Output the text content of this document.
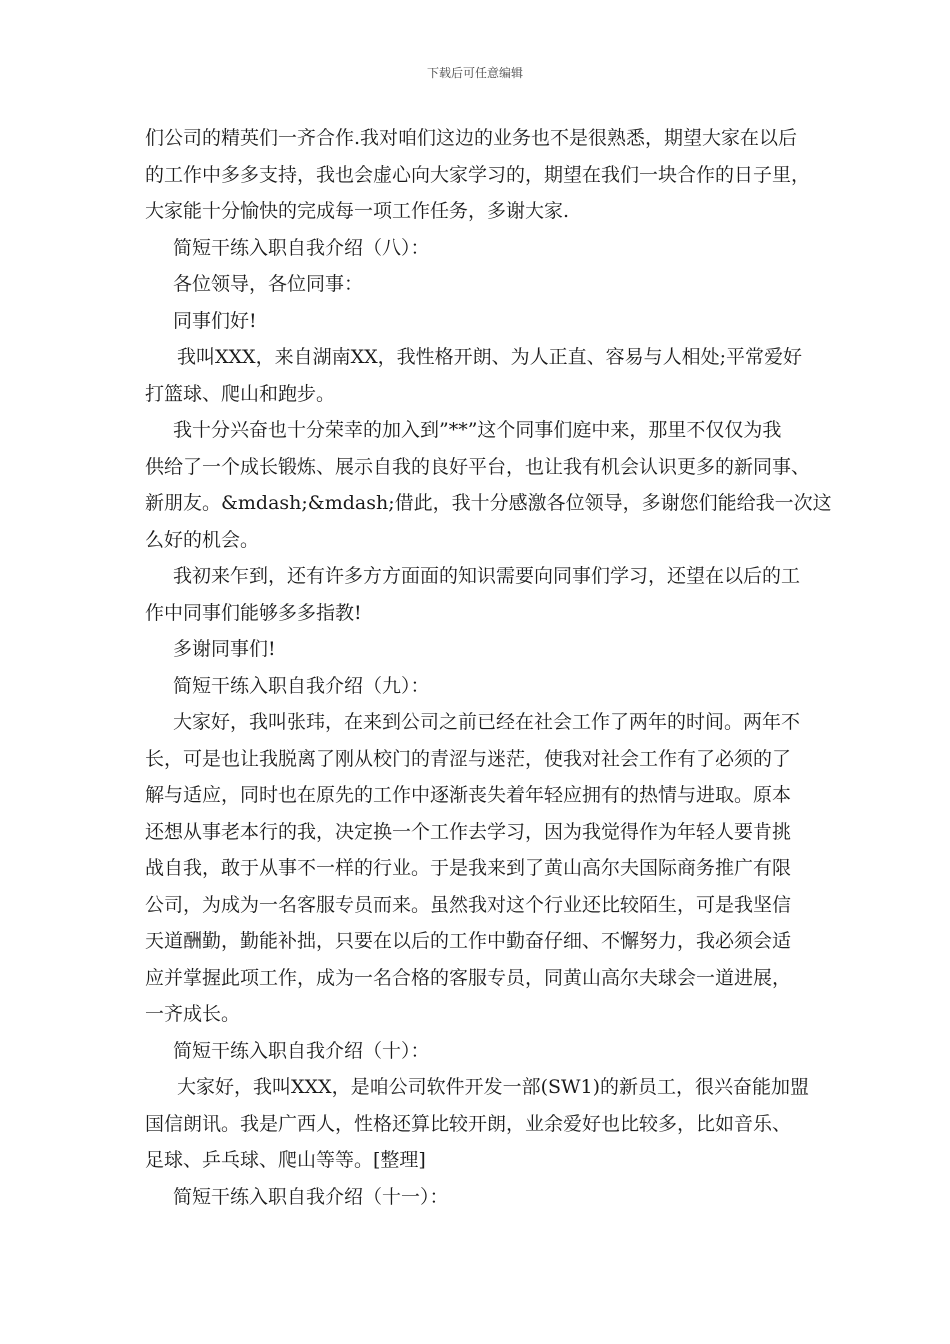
下载后可任意编辑
们公司的精英们一齐合作.我对咱们这边的业务也不是很熟悉，期望大家在以后
的工作中多多支持，我也会虚心向大家学习的，期望在我们一块合作的日子里，
大家能十分愉快的完成每一项工作任务，多谢大家.
简短干练入职自我介绍（八）：
各位领导，各位同事：
同事们好!
我叫XXX，来自湖南XX，我性格开朗、为人正直、容易与人相处;平常爱好
打篮球、爬山和跑步。
我十分兴奋也十分荣幸的加入到”**”这个同事们庭中来，那里不仅仅为我
供给了一个成长锻炼、展示自我的良好平台，也让我有机会认识更多的新同事、
新朋友。&mdash;&mdash;借此，我十分感激各位领导，多谢您们能给我一次这
么好的机会。
我初来乍到，还有许多方方面面的知识需要向同事们学习，还望在以后的工
作中同事们能够多多指教!
多谢同事们!
简短干练入职自我介绍（九）：
大家好，我叫张玮，在来到公司之前已经在社会工作了两年的时间。两年不
长，可是也让我脱离了刚从校门的青涩与迷茫，使我对社会工作有了必须的了
解与适应，同时也在原先的工作中逐渐丧失着年轻应拥有的热情与进取。原本
还想从事老本行的我，决定换一个工作去学习，因为我觉得作为年轻人要肯挑
战自我，敢于从事不一样的行业。于是我来到了黄山高尔夫国际商务推广有限
公司，为成为一名客服专员而来。虽然我对这个行业还比较陌生，可是我坚信
天道酬勤，勤能补拙，只要在以后的工作中勤奋仔细、不懈努力，我必须会适
应并掌握此项工作，成为一名合格的客服专员，同黄山高尔夫球会一道进展，
一齐成长。
简短干练入职自我介绍（十）：
大家好，我叫XXX，是咱公司软件开发一部(SW1)的新员工，很兴奋能加盟
国信朗讯。我是广西人，性格还算比较开朗，业余爱好也比较多，比如音乐、
足球、乒乓球、爬山等等。[整理]
简短干练入职自我介绍（十一）：
